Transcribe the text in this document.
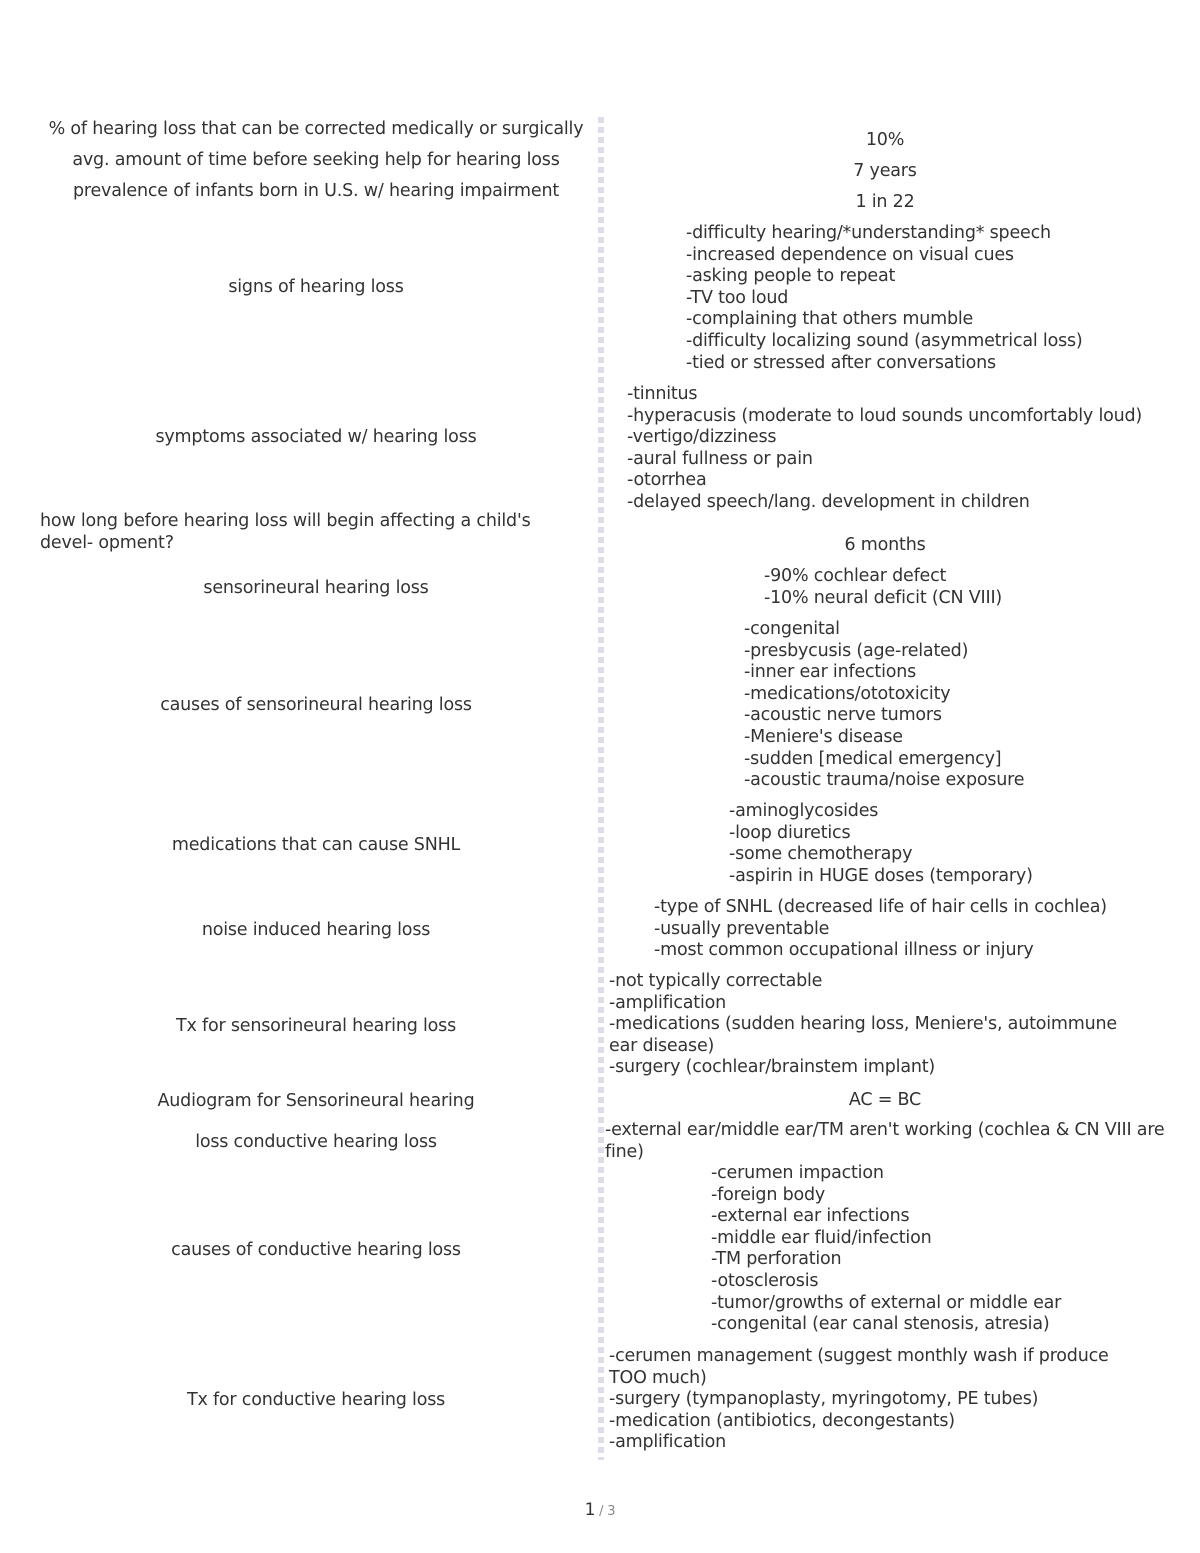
% of hearing loss that can be corrected medically or surgically
10%
avg. amount of time before seeking help for hearing loss
7 years
prevalence of infants born in U.S. w/ hearing impairment
1 in 22
signs of hearing loss
-difficulty hearing/*understanding* speech
-increased dependence on visual cues
-asking people to repeat
-TV too loud
-complaining that others mumble
-difficulty localizing sound (asymmetrical loss)
-tied or stressed after conversations
symptoms associated w/ hearing loss
-tinnitus
-hyperacusis (moderate to loud sounds uncomfortably loud)
-vertigo/dizziness
-aural fullness or pain
-otorrhea
-delayed speech/lang. development in children
how long before hearing loss will begin affecting a child's devel- opment?	6 months
sensorineural hearing loss
-90% cochlear defect
-10% neural deficit (CN VIII)
causes of sensorineural hearing loss
-congenital
-presbycusis (age-related)
-inner ear infections
-medications/ototoxicity
-acoustic nerve tumors
-Meniere's disease
-sudden [medical emergency]
-acoustic trauma/noise exposure
medications that can cause SNHL
-aminoglycosides
-loop diuretics
-some chemotherapy
-aspirin in HUGE doses (temporary)
noise induced hearing loss
-type of SNHL (decreased life of hair cells in cochlea)
-usually preventable
-most common occupational illness or injury
Tx for sensorineural hearing loss
-not typically correctable
-amplification
-medications (sudden hearing loss, Meniere's, autoimmune ear disease)
-surgery (cochlear/brainstem implant)
Audiogram for Sensorineural hearing	AC = BC
loss conductive hearing loss
-external ear/middle ear/TM aren't working (cochlea & CN VIII are fine)
causes of conductive hearing loss
-cerumen impaction
-foreign body
-external ear infections
-middle ear fluid/infection
-TM perforation
-otosclerosis
-tumor/growths of external or middle ear
-congenital (ear canal stenosis, atresia)
Tx for conductive hearing loss
-cerumen management (suggest monthly wash if produce TOO much)
-surgery (tympanoplasty, myringotomy, PE tubes)
-medication (antibiotics, decongestants)
-amplification
1 / 3
